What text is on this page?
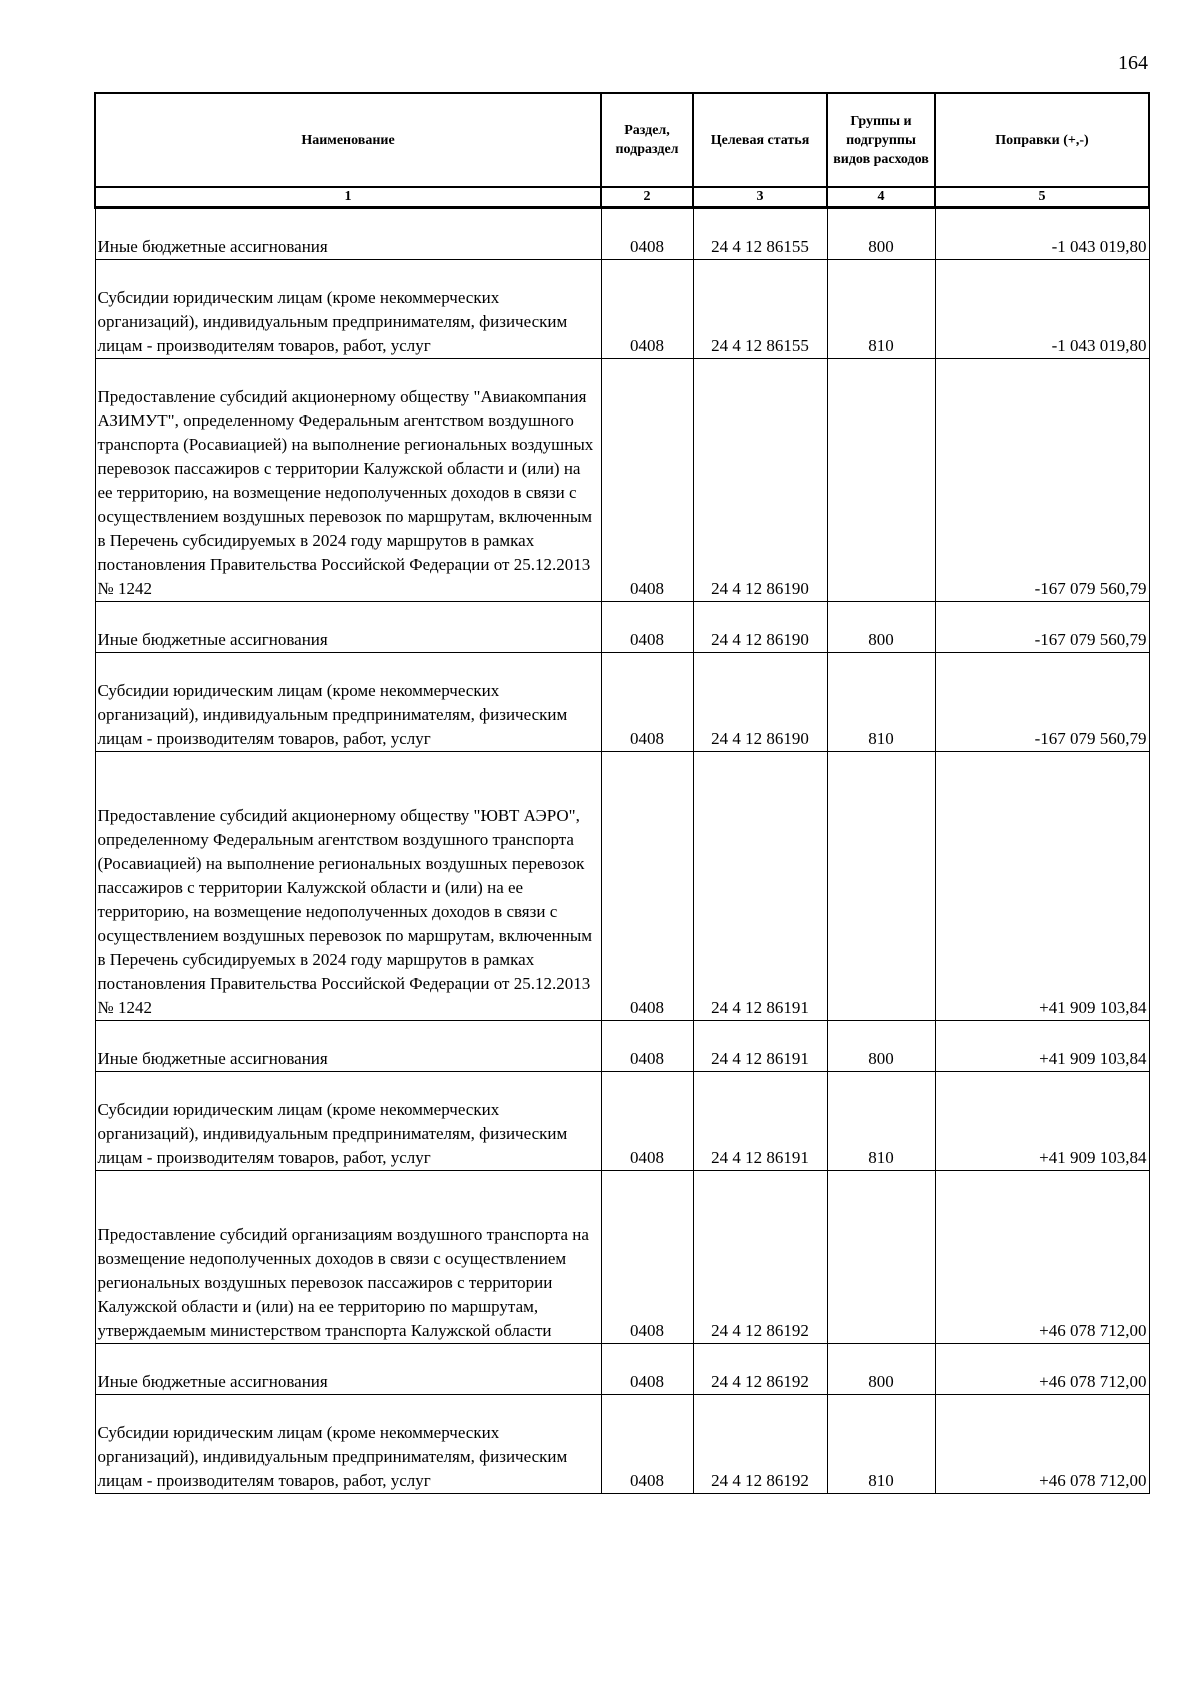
164
Наименование	Раздел, подраздел	Целевая статья	Группы и подгруппы видов расходов	Поправки (+,-)
1	2	3	4	5

Иные бюджетные ассигнования	0408	24 4 12 86155	800	-1 043 019,80

Субсидии юридическим лицам (кроме некоммерческих организаций), индивидуальным предпринимателям, физическим лицам - производителям товаров, работ, услуг	0408	24 4 12 86155	810	-1 043 019,80

Предоставление субсидий акционерному обществу "Авиакомпания АЗИМУТ", определенному Федеральным агентством воздушного транспорта (Росавиацией) на выполнение региональных воздушных перевозок пассажиров с территории Калужской области и (или) на ее территорию, на возмещение недополученных доходов в связи с осуществлением воздушных перевозок по маршрутам, включенным в Перечень субсидируемых в 2024 году маршрутов в рамках постановления Правительства Российской Федерации от 25.12.2013 № 1242	0408	24 4 12 86190		-167 079 560,79

Иные бюджетные ассигнования	0408	24 4 12 86190	800	-167 079 560,79

Субсидии юридическим лицам (кроме некоммерческих организаций), индивидуальным предпринимателям, физическим лицам - производителям товаров, работ, услуг	0408	24 4 12 86190	810	-167 079 560,79

Предоставление субсидий акционерному обществу "ЮВТ АЭРО", определенному Федеральным агентством воздушного транспорта (Росавиацией) на выполнение региональных воздушных перевозок пассажиров с территории Калужской области и (или) на ее территорию, на возмещение недополученных доходов в связи с осуществлением воздушных перевозок по маршрутам, включенным в Перечень субсидируемых в 2024 году маршрутов в рамках постановления Правительства Российской Федерации от 25.12.2013 № 1242	0408	24 4 12 86191		+41 909 103,84

Иные бюджетные ассигнования	0408	24 4 12 86191	800	+41 909 103,84

Субсидии юридическим лицам (кроме некоммерческих организаций), индивидуальным предпринимателям, физическим лицам - производителям товаров, работ, услуг	0408	24 4 12 86191	810	+41 909 103,84

Предоставление субсидий организациям воздушного транспорта на возмещение недополученных доходов в связи с осуществлением региональных воздушных перевозок пассажиров с территории Калужской области и (или) на ее территорию по маршрутам, утверждаемым министерством транспорта Калужской области	0408	24 4 12 86192		+46 078 712,00

Иные бюджетные ассигнования	0408	24 4 12 86192	800	+46 078 712,00

Субсидии юридическим лицам (кроме некоммерческих организаций), индивидуальным предпринимателям, физическим лицам - производителям товаров, работ, услуг	0408	24 4 12 86192	810	+46 078 712,00
